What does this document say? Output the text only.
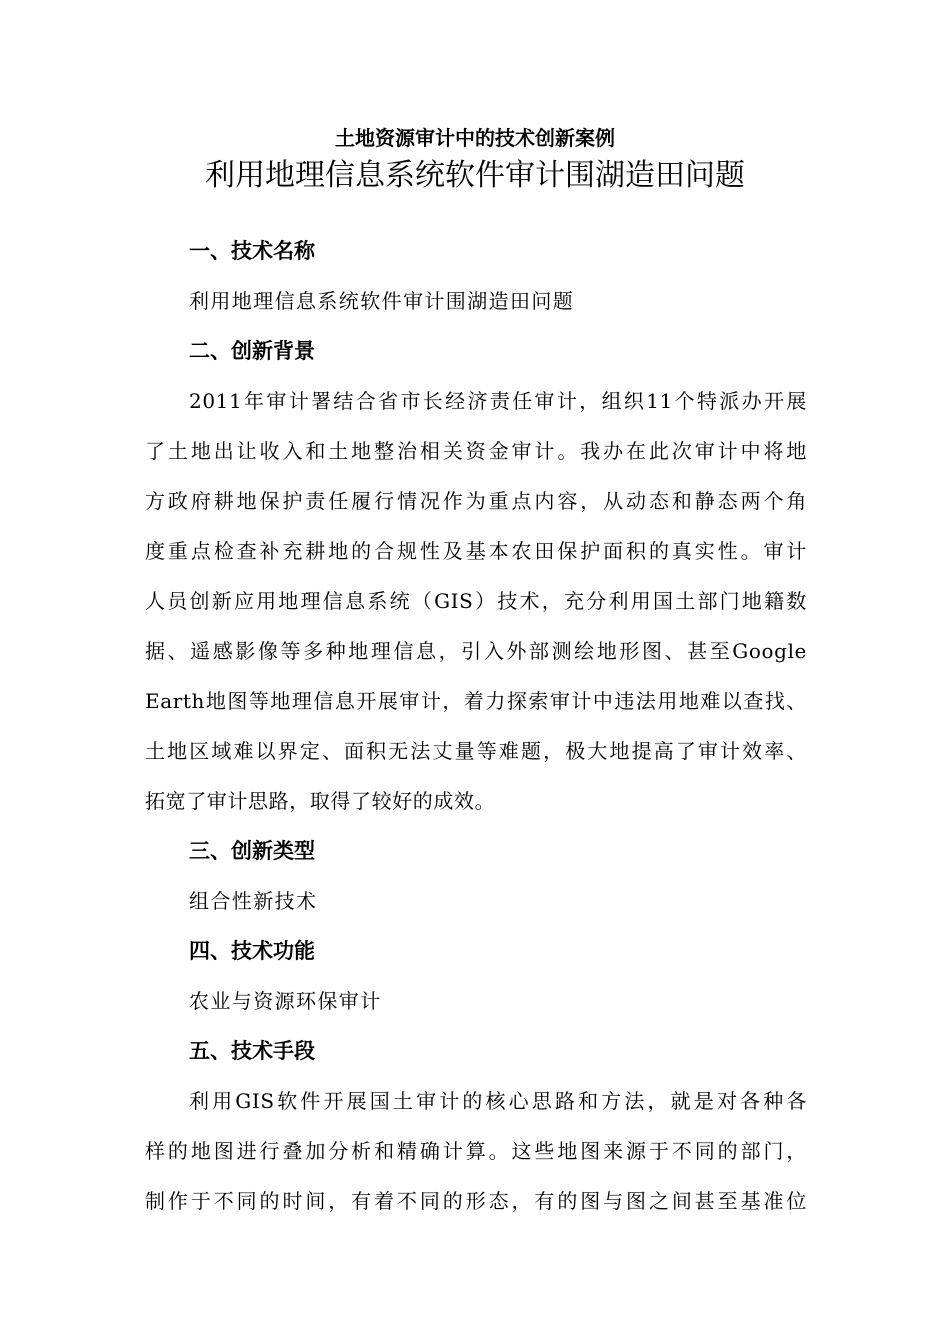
土地资源审计中的技术创新案例
利用地理信息系统软件审计围湖造田问题
一、技术名称
利用地理信息系统软件审计围湖造田问题
二、创新背景
2011年审计署结合省市长经济责任审计，组织11个特派办开展
了土地出让收入和土地整治相关资金审计。我办在此次审计中将地
方政府耕地保护责任履行情况作为重点内容，从动态和静态两个角
度重点检查补充耕地的合规性及基本农田保护面积的真实性。审计
人员创新应用地理信息系统（GIS）技术，充分利用国土部门地籍数
据、遥感影像等多种地理信息，引入外部测绘地形图、甚至Google
Earth地图等地理信息开展审计，着力探索审计中违法用地难以查找、
土地区域难以界定、面积无法丈量等难题，极大地提高了审计效率、
拓宽了审计思路，取得了较好的成效。
三、创新类型
组合性新技术
四、技术功能
农业与资源环保审计
五、技术手段
利用GIS软件开展国土审计的核心思路和方法，就是对各种各
样的地图进行叠加分析和精确计算。这些地图来源于不同的部门，
制作于不同的时间，有着不同的形态，有的图与图之间甚至基准位
